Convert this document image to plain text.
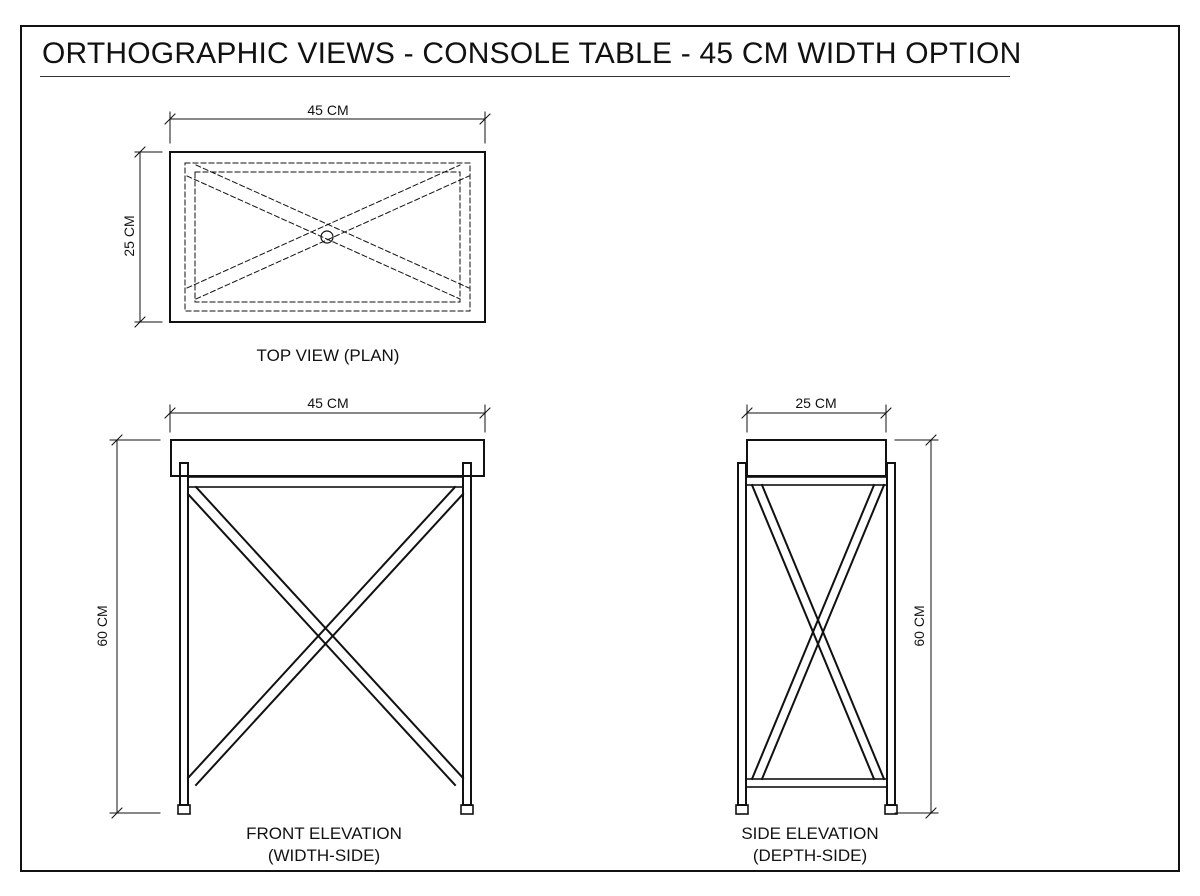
ORTHOGRAPHIC VIEWS - CONSOLE TABLE - 45 CM WIDTH OPTION
45 CM
25 CM
TOP VIEW (PLAN)
45 CM
60 CM
FRONT ELEVATION
(WIDTH-SIDE)
25 CM
60 CM
SIDE ELEVATION
(DEPTH-SIDE)
